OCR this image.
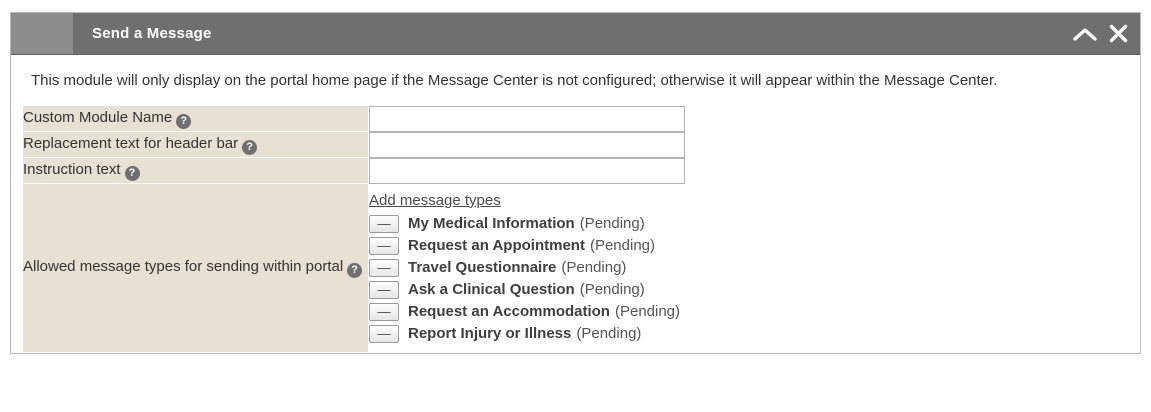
Send a Message
This module will only display on the portal home page if the Message Center is not configured; otherwise it will appear within the Message Center.
Custom Module Name ?	
Replacement text for header bar ?	
Instruction text ?	
Allowed message types for sending within portal ?	Add message types
—	My Medical Information (Pending)
—	Request an Appointment (Pending)
—	Travel Questionnaire (Pending)
—	Ask a Clinical Question (Pending)
—	Request an Accommodation (Pending)
—	Report Injury or Illness (Pending)
